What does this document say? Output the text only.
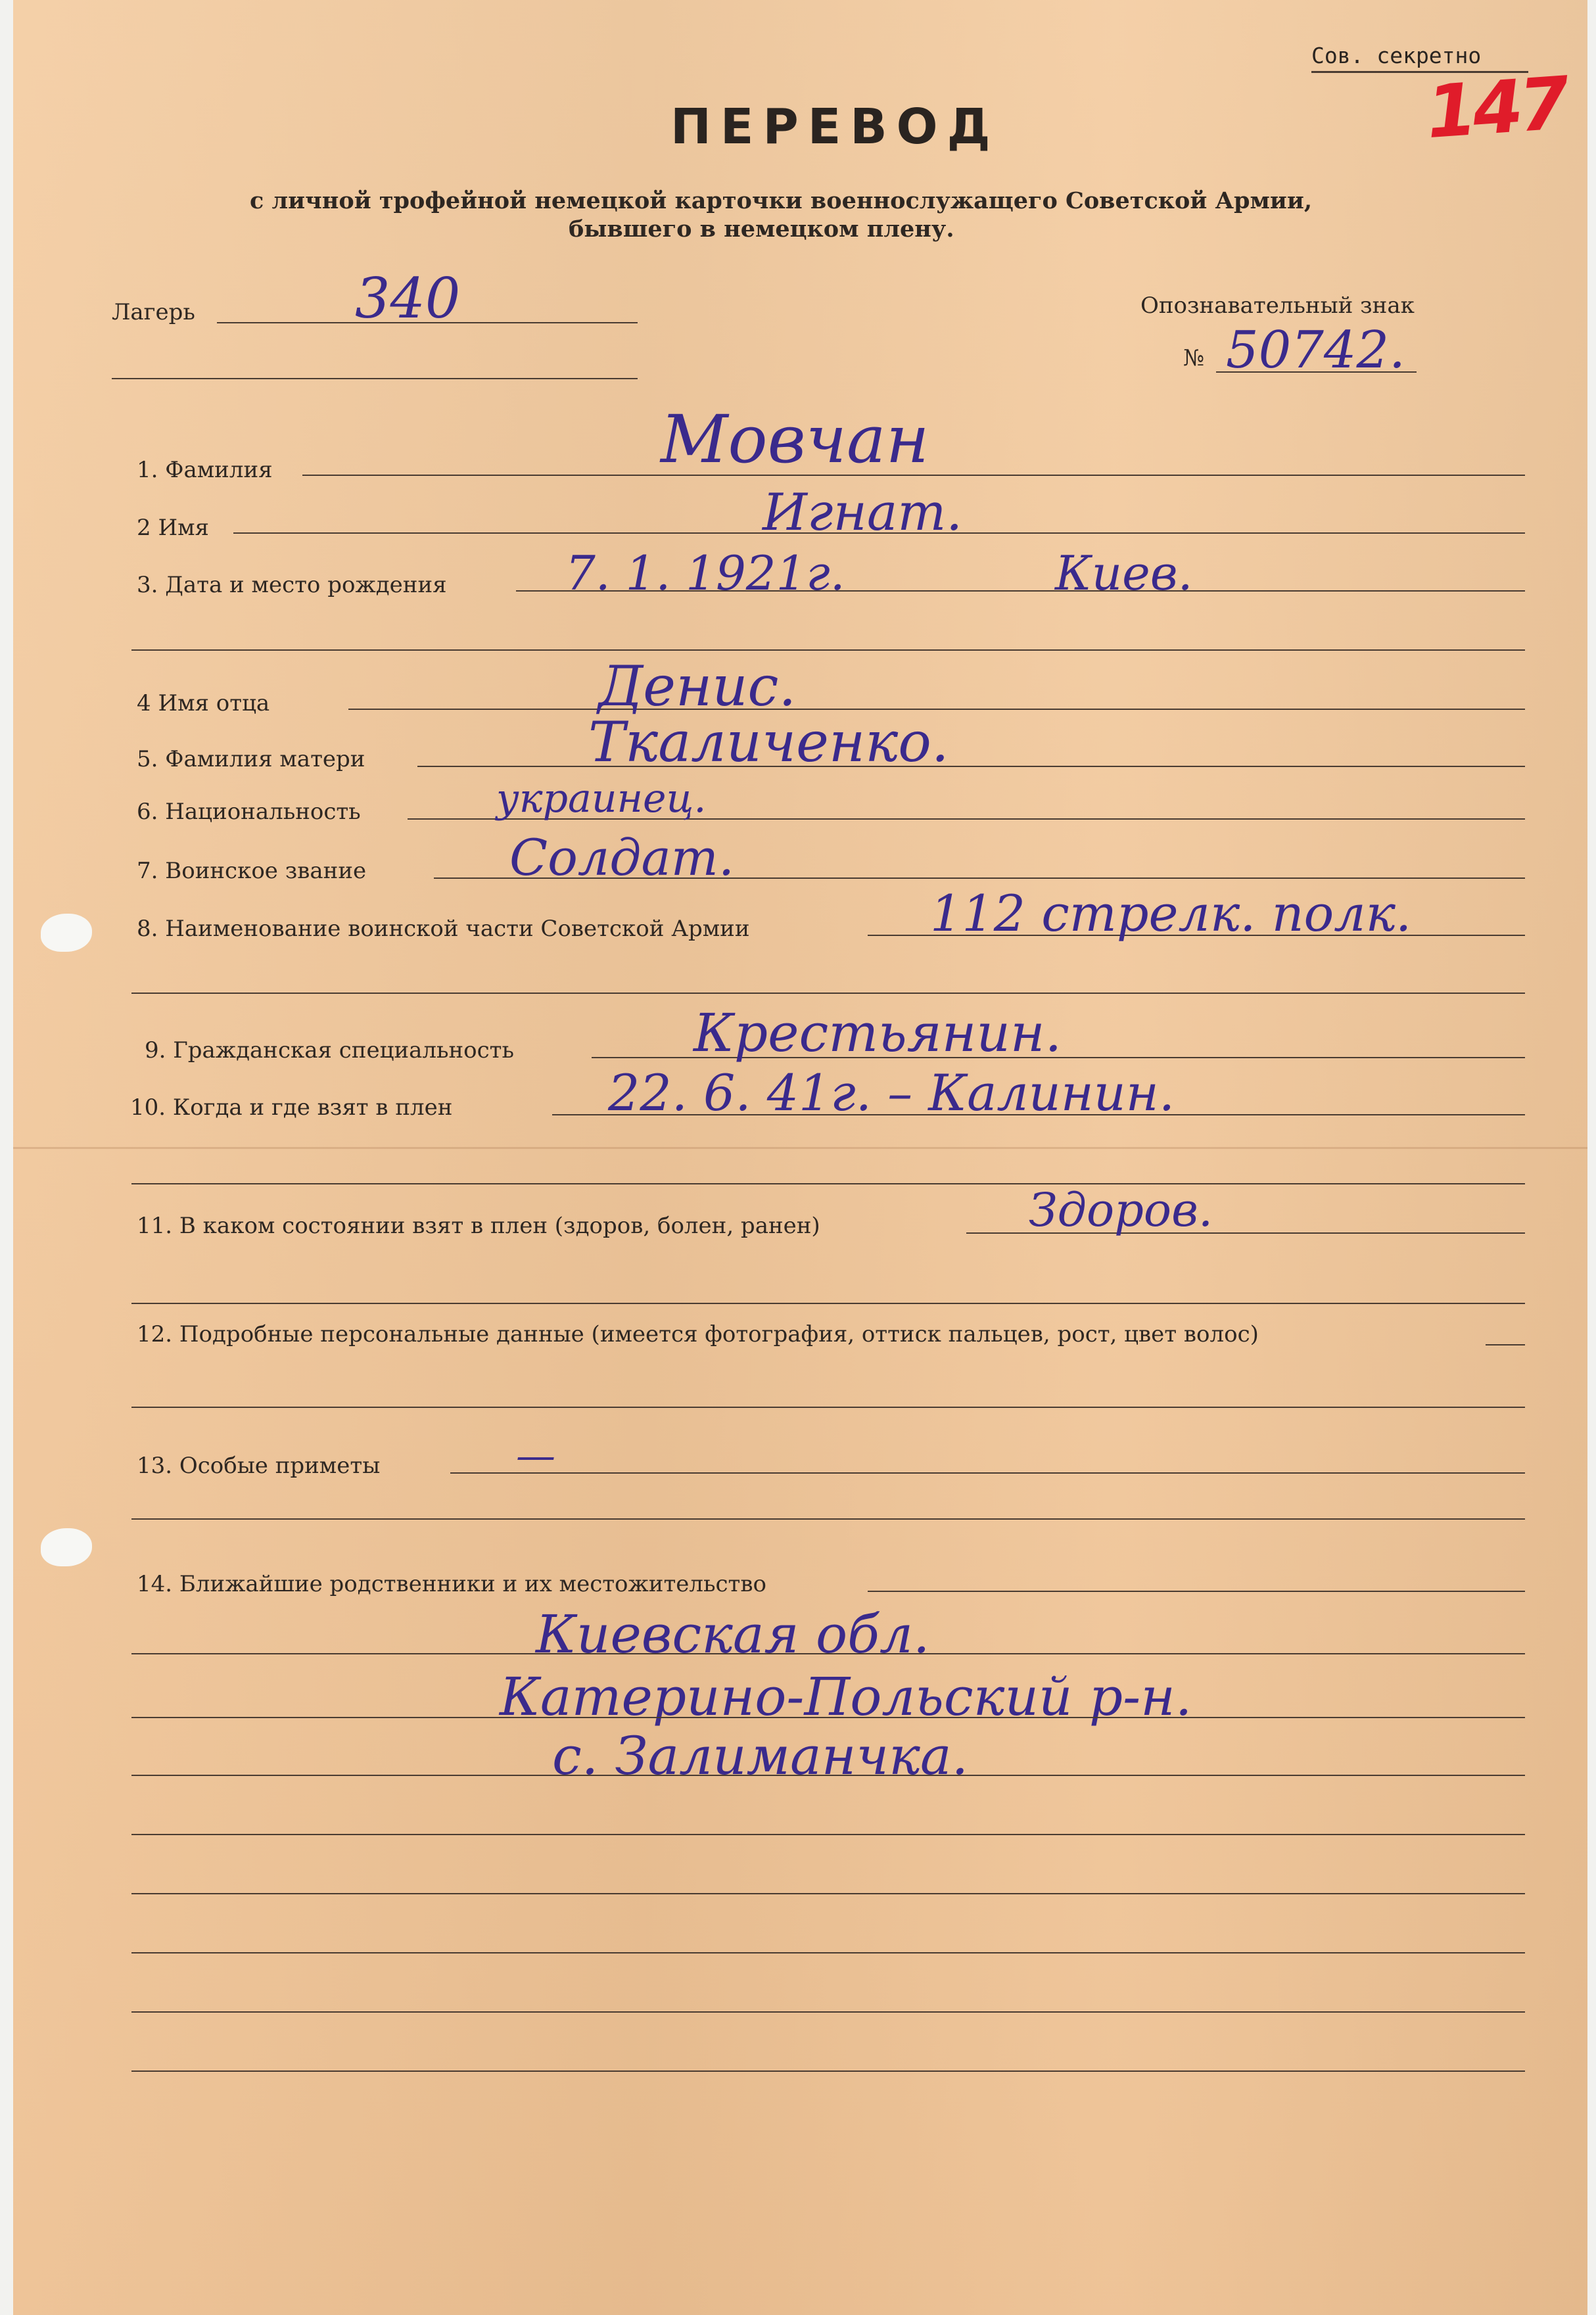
Сов. секретно
147
ПЕРЕВОД
с личной трофейной немецкой карточки военнослужащего Советской Армии,
бывшего в немецком плену.
Лагерь	340	Опознавательный знак
№ 50742.
1. Фамилия	Мовчан
2 Имя	Игнат.
3. Дата и место рождения	7. 1. 1921г.	Киев.
4 Имя отца	Денис.
5. Фамилия матери	Ткаличенко.
6. Национальность	украинец.
7. Воинское звание	Солдат.
8. Наименование воинской части Советской Армии	112 стрелк. полк.
9. Гражданская специальность	Крестьянин.
10. Когда и где взят в плен	22. 6. 41г. – Калинин.
11. В каком состоянии взят в плен (здоров, болен, ранен)	Здоров.
12. Подробные персональные данные (имеется фотография, оттиск пальцев, рост, цвет волос)
13. Особые приметы	—
14. Ближайшие родственники и их местожительство
Киевская обл.
Катерино-Польский р-н.
с. Залиманчка.
